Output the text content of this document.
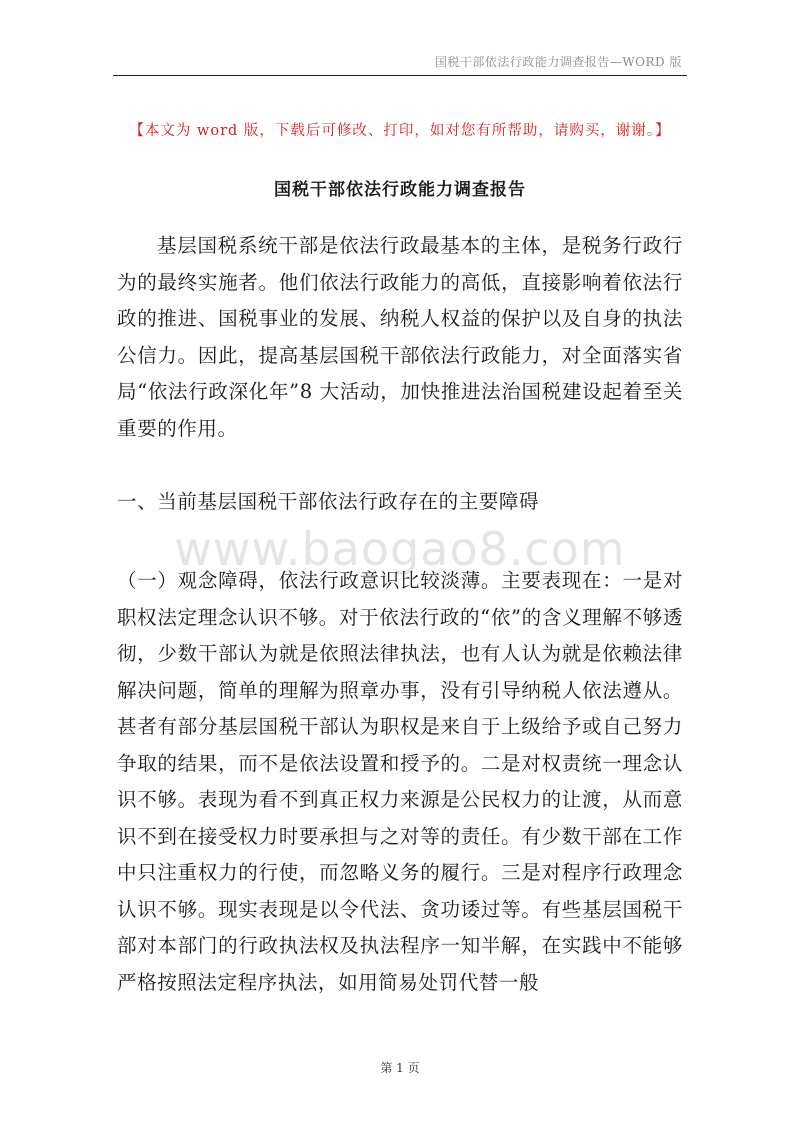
国税干部依法行政能力调查报告—WORD 版
【本文为 word 版，下载后可修改、打印，如对您有所帮助，请购买，谢谢。】
国税干部依法行政能力调查报告

基层国税系统干部是依法行政最基本的主体，是税务行政行为的最终实施者。他们依法行政能力的高低，直接影响着依法行政的推进、国税事业的发展、纳税人权益的保护以及自身的执法公信力。因此，提高基层国税干部依法行政能力，对全面落实省局“依法行政深化年”8 大活动，加快推进法治国税建设起着至关重要的作用。

一、当前基层国税干部依法行政存在的主要障碍
www.baogao8.com

（一）观念障碍，依法行政意识比较淡薄。主要表现在：一是对职权法定理念认识不够。对于依法行政的“依”的含义理解不够透彻，少数干部认为就是依照法律执法，也有人认为就是依赖法律解决问题，简单的理解为照章办事，没有引导纳税人依法遵从。甚者有部分基层国税干部认为职权是来自于上级给予或自己努力争取的结果，而不是依法设置和授予的。二是对权责统一理念认识不够。表现为看不到真正权力来源是公民权力的让渡，从而意识不到在接受权力时要承担与之对等的责任。有少数干部在工作中只注重权力的行使，而忽略义务的履行。三是对程序行政理念认识不够。现实表现是以令代法、贪功诿过等。有些基层国税干部对本部门的行政执法权及执法程序一知半解，在实践中不能够严格按照法定程序执法，如用简易处罚代替一般

第 1 页
